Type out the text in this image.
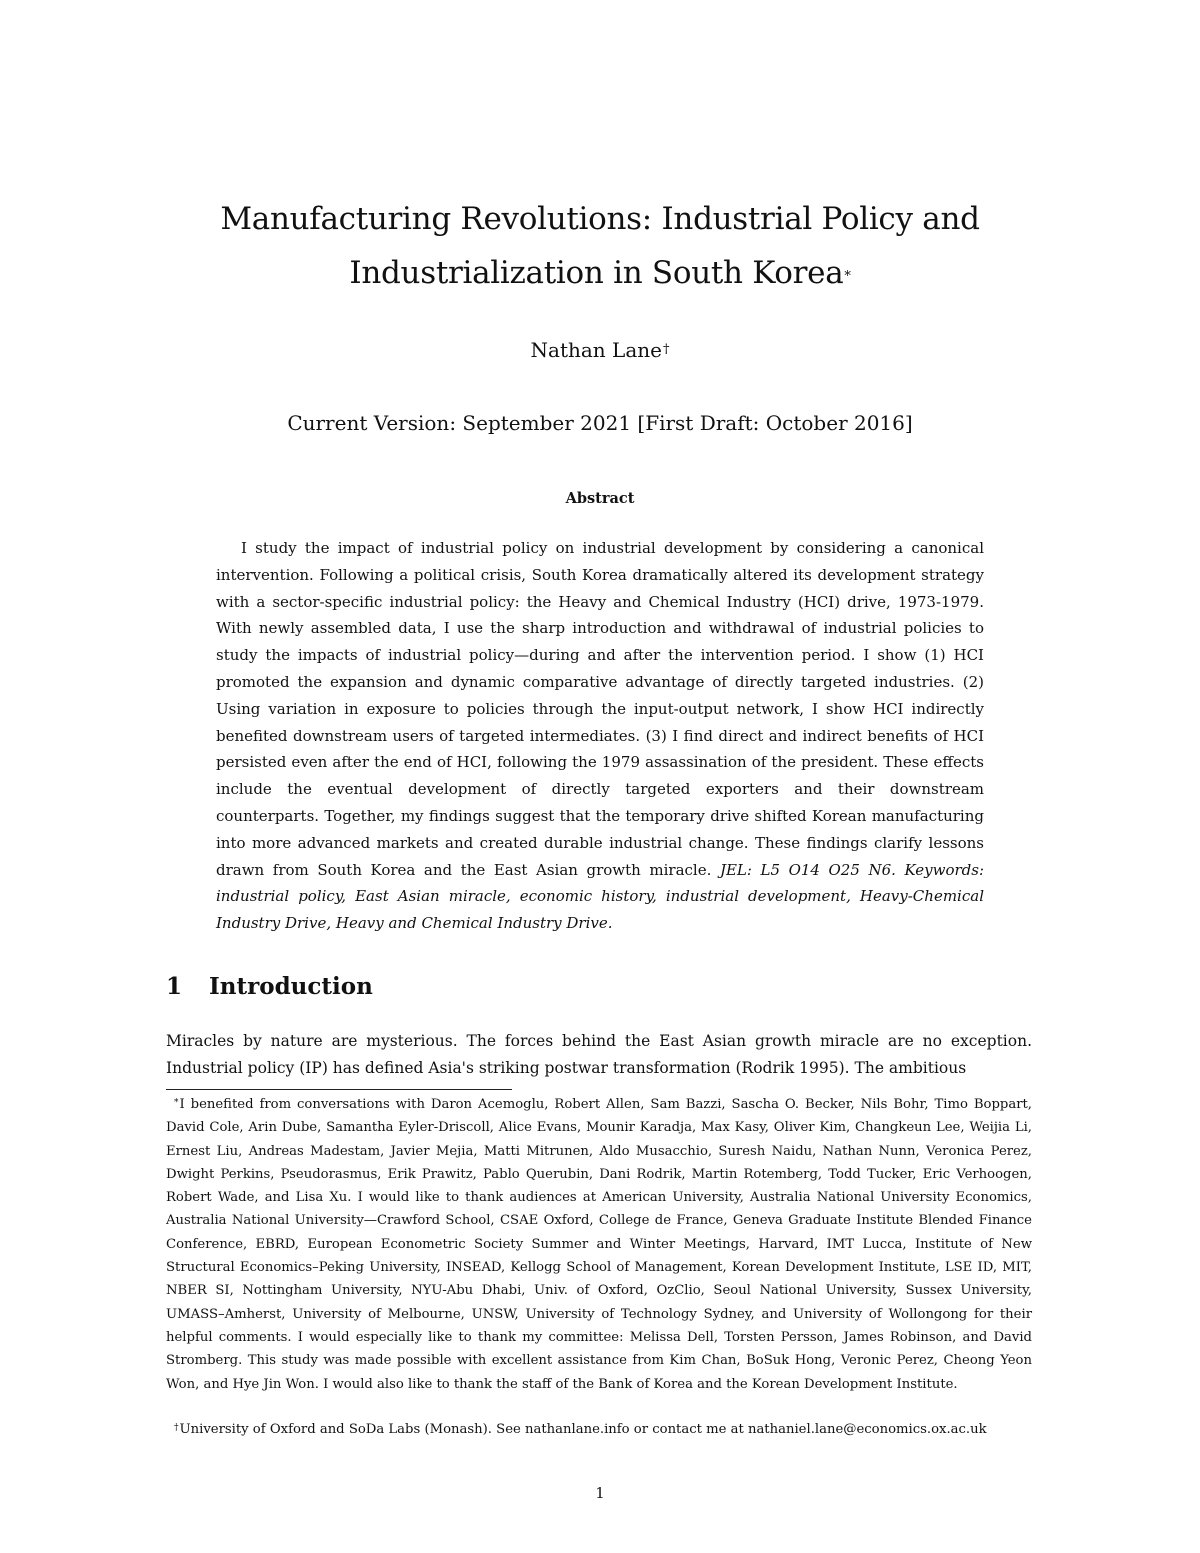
Manufacturing Revolutions: Industrial Policy and
Industrialization in South Korea*
Nathan Lane†
Current Version: September 2021 [First Draft: October 2016]
Abstract

I study the impact of industrial policy on industrial development by considering a canonical intervention. Following a political crisis, South Korea dramatically altered its development strategy with a sector-specific industrial policy: the Heavy and Chemical Industry (HCI) drive, 1973-1979. With newly assembled data, I use the sharp introduction and withdrawal of industrial policies to study the impacts of industrial policy—during and after the intervention period. I show (1) HCI promoted the expansion and dynamic comparative advantage of directly targeted industries. (2) Using variation in exposure to policies through the input-output network, I show HCI indirectly benefited downstream users of targeted intermediates. (3) I find direct and indirect benefits of HCI persisted even after the end of HCI, following the 1979 assassination of the president. These effects include the eventual development of directly targeted exporters and their downstream counterparts. Together, my findings suggest that the temporary drive shifted Korean manufacturing into more advanced markets and created durable industrial change. These findings clarify lessons drawn from South Korea and the East Asian growth miracle. JEL: L5 O14 O25 N6. Keywords: industrial policy, East Asian miracle, economic history, industrial development, Heavy-Chemical Industry Drive, Heavy and Chemical Industry Drive.

1 Introduction

Miracles by nature are mysterious. The forces behind the East Asian growth miracle are no exception. Industrial policy (IP) has defined Asia's striking postwar transformation (Rodrik 1995). The ambitious

*I benefited from conversations with Daron Acemoglu, Robert Allen, Sam Bazzi, Sascha O. Becker, Nils Bohr, Timo Boppart, David Cole, Arin Dube, Samantha Eyler-Driscoll, Alice Evans, Mounir Karadja, Max Kasy, Oliver Kim, Changkeun Lee, Weijia Li, Ernest Liu, Andreas Madestam, Javier Mejia, Matti Mitrunen, Aldo Musacchio, Suresh Naidu, Nathan Nunn, Veronica Perez, Dwight Perkins, Pseudorasmus, Erik Prawitz, Pablo Querubin, Dani Rodrik, Martin Rotemberg, Todd Tucker, Eric Verhoogen, Robert Wade, and Lisa Xu. I would like to thank audiences at American University, Australia National University Economics, Australia National University—Crawford School, CSAE Oxford, College de France, Geneva Graduate Institute Blended Finance Conference, EBRD, European Econometric Society Summer and Winter Meetings, Harvard, IMT Lucca, Institute of New Structural Economics–Peking University, INSEAD, Kellogg School of Management, Korean Development Institute, LSE ID, MIT, NBER SI, Nottingham University, NYU-Abu Dhabi, Univ. of Oxford, OzClio, Seoul National University, Sussex University, UMASS–Amherst, University of Melbourne, UNSW, University of Technology Sydney, and University of Wollongong for their helpful comments. I would especially like to thank my committee: Melissa Dell, Torsten Persson, James Robinson, and David Stromberg. This study was made possible with excellent assistance from Kim Chan, BoSuk Hong, Veronic Perez, Cheong Yeon Won, and Hye Jin Won. I would also like to thank the staff of the Bank of Korea and the Korean Development Institute.

†University of Oxford and SoDa Labs (Monash). See nathanlane.info or contact me at nathaniel.lane@economics.ox.ac.uk

1
